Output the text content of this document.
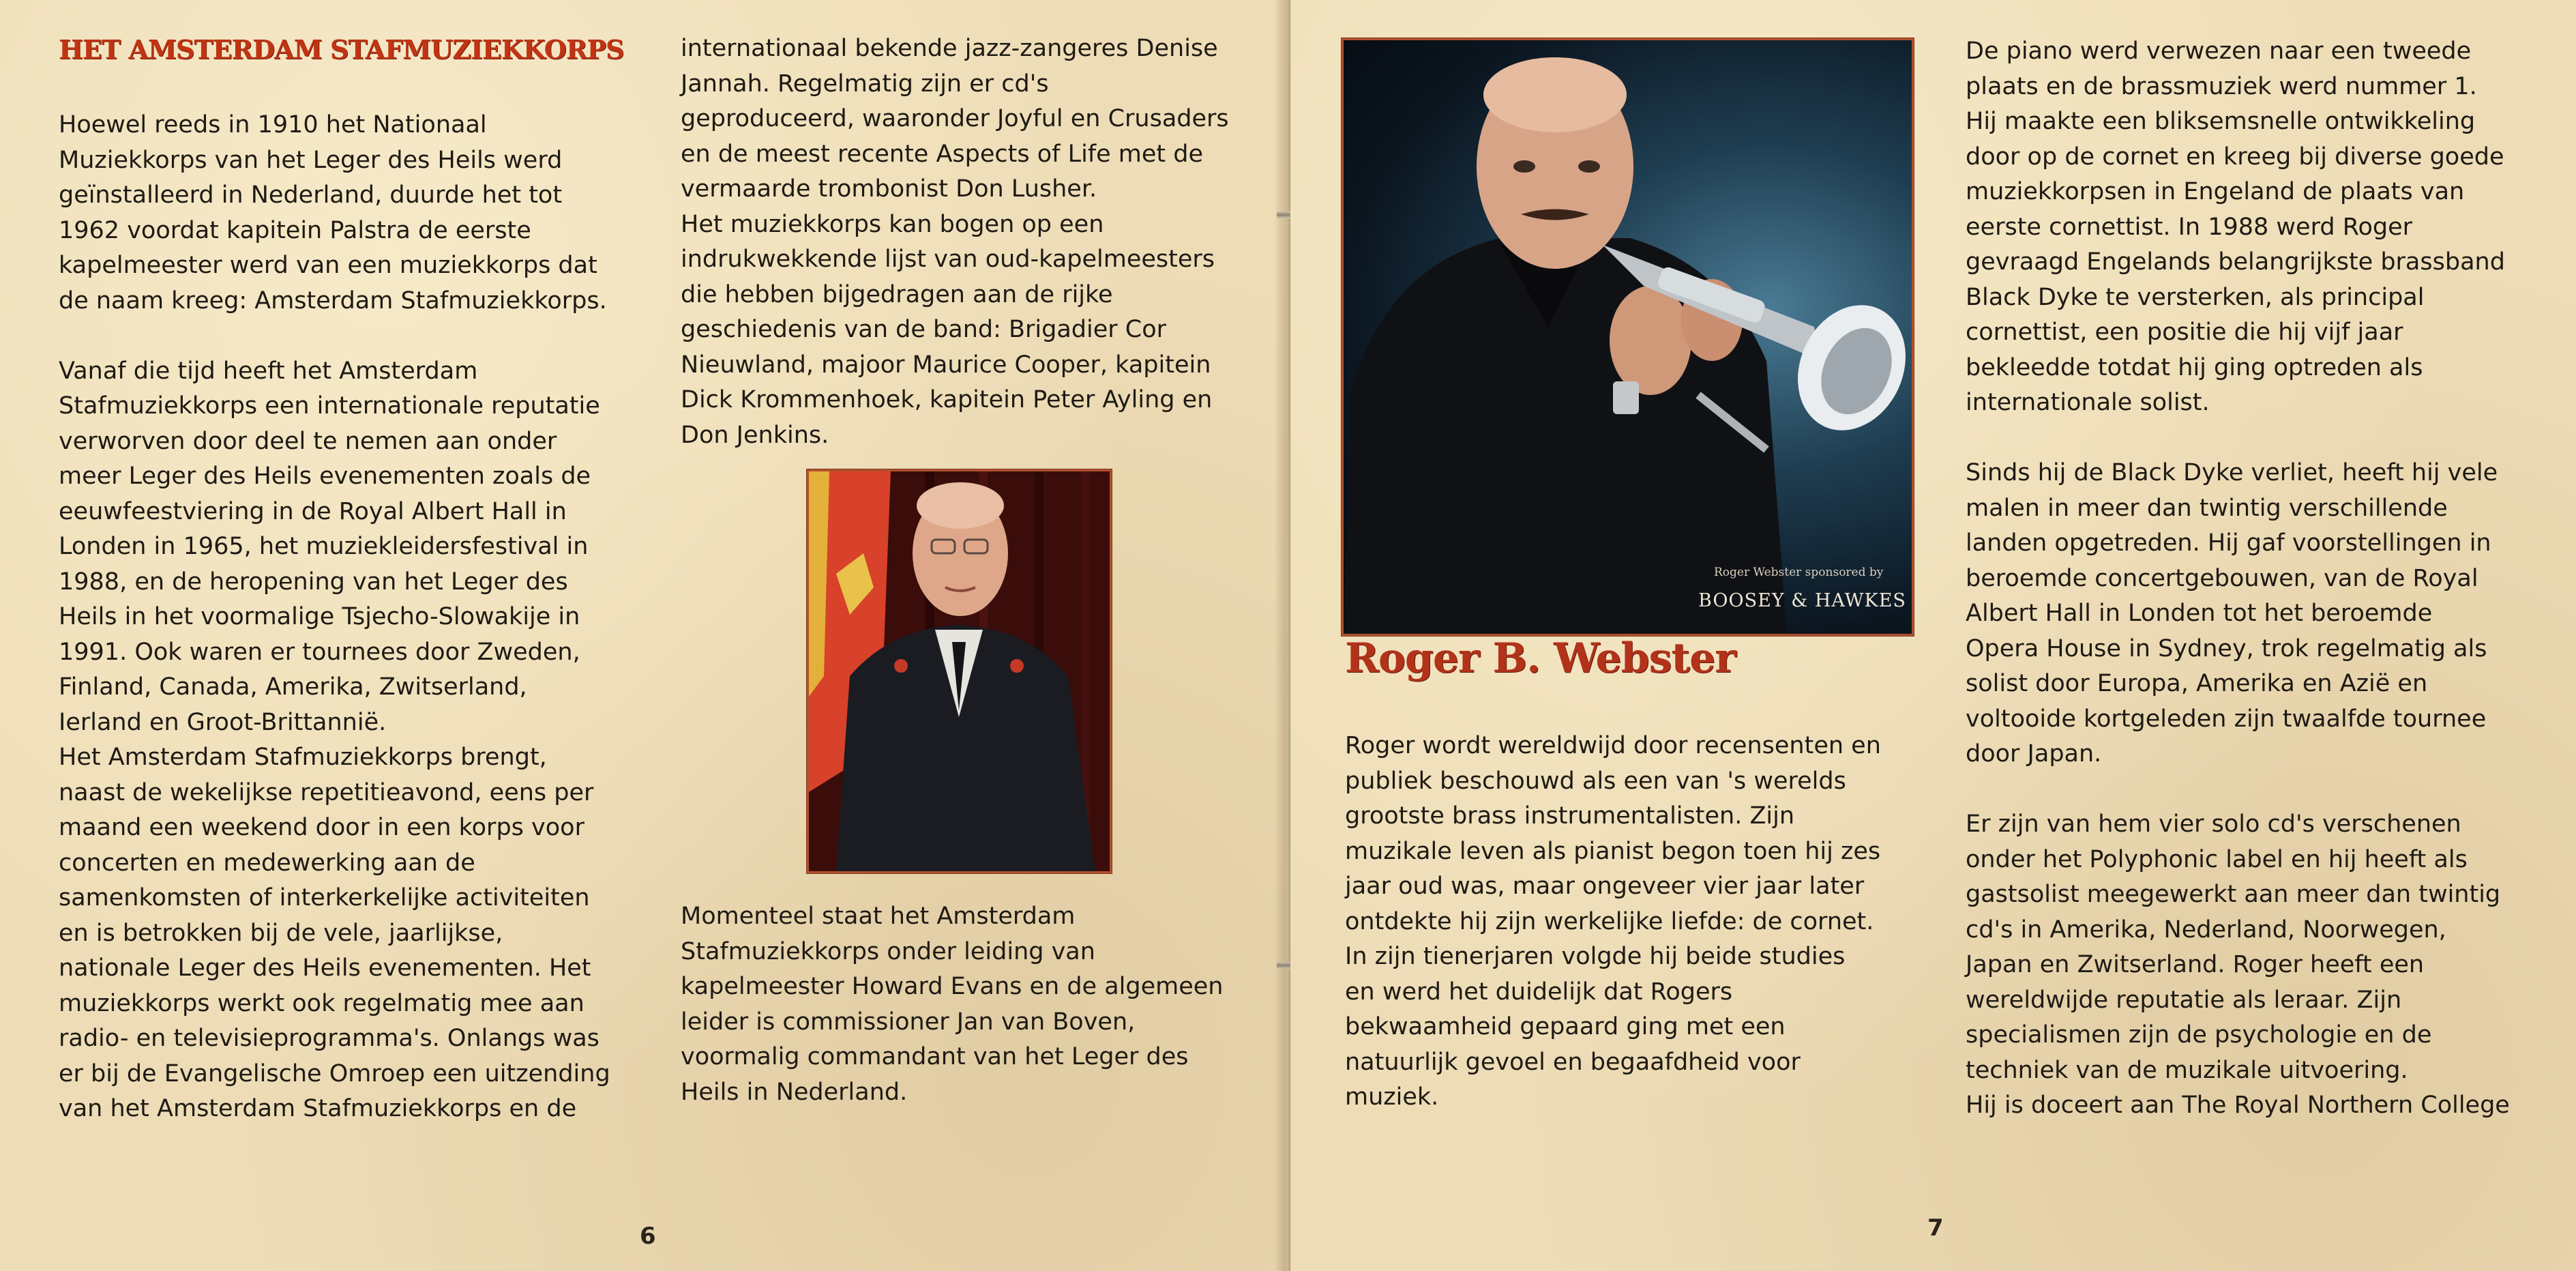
HET AMSTERDAM STAFMUZIEKKORPS
Hoewel reeds in 1910 het Nationaal
Muziekkorps van het Leger des Heils werd
geïnstalleerd in Nederland, duurde het tot
1962 voordat kapitein Palstra de eerste
kapelmeester werd van een muziekkorps dat
de naam kreeg: Amsterdam Stafmuziekkorps.

Vanaf die tijd heeft het Amsterdam
Stafmuziekkorps een internationale reputatie
verworven door deel te nemen aan onder
meer Leger des Heils evenementen zoals de
eeuwfeestviering in de Royal Albert Hall in
Londen in 1965, het muziekleidersfestival in
1988, en de heropening van het Leger des
Heils in het voormalige Tsjecho-Slowakije in
1991. Ook waren er tournees door Zweden,
Finland, Canada, Amerika, Zwitserland,
Ierland en Groot-Brittannië.
Het Amsterdam Stafmuziekkorps brengt,
naast de wekelijkse repetitieavond, eens per
maand een weekend door in een korps voor
concerten en medewerking aan de
samenkomsten of interkerkelijke activiteiten
en is betrokken bij de vele, jaarlijkse,
nationale Leger des Heils evenementen. Het
muziekkorps werkt ook regelmatig mee aan
radio- en televisieprogramma's. Onlangs was
er bij de Evangelische Omroep een uitzending
van het Amsterdam Stafmuziekkorps en de
internationaal bekende jazz-zangeres Denise
Jannah. Regelmatig zijn er cd's
geproduceerd, waaronder Joyful en Crusaders
en de meest recente Aspects of Life met de
vermaarde trombonist Don Lusher.
Het muziekkorps kan bogen op een
indrukwekkende lijst van oud-kapelmeesters
die hebben bijgedragen aan de rijke
geschiedenis van de band: Brigadier Cor
Nieuwland, majoor Maurice Cooper, kapitein
Dick Krommenhoek, kapitein Peter Ayling en
Don Jenkins.
Momenteel staat het Amsterdam
Stafmuziekkorps onder leiding van
kapelmeester Howard Evans en de algemeen
leider is commissioner Jan van Boven,
voormalig commandant van het Leger des
Heils in Nederland.
6
Roger Webster sponsored by
BOOSEY & HAWKES
Roger B. Webster
Roger wordt wereldwijd door recensenten en
publiek beschouwd als een van 's werelds
grootste brass instrumentalisten. Zijn
muzikale leven als pianist begon toen hij zes
jaar oud was, maar ongeveer vier jaar later
ontdekte hij zijn werkelijke liefde: de cornet.
In zijn tienerjaren volgde hij beide studies
en werd het duidelijk dat Rogers
bekwaamheid gepaard ging met een
natuurlijk gevoel en begaafdheid voor
muziek.
De piano werd verwezen naar een tweede
plaats en de brassmuziek werd nummer 1.
Hij maakte een bliksemsnelle ontwikkeling
door op de cornet en kreeg bij diverse goede
muziekkorpsen in Engeland de plaats van
eerste cornettist. In 1988 werd Roger
gevraagd Engelands belangrijkste brassband
Black Dyke te versterken, als principal
cornettist, een positie die hij vijf jaar
bekleedde totdat hij ging optreden als
internationale solist.

Sinds hij de Black Dyke verliet, heeft hij vele
malen in meer dan twintig verschillende
landen opgetreden. Hij gaf voorstellingen in
beroemde concertgebouwen, van de Royal
Albert Hall in Londen tot het beroemde
Opera House in Sydney, trok regelmatig als
solist door Europa, Amerika en Azië en
voltooide kortgeleden zijn twaalfde tournee
door Japan.

Er zijn van hem vier solo cd's verschenen
onder het Polyphonic label en hij heeft als
gastsolist meegewerkt aan meer dan twintig
cd's in Amerika, Nederland, Noorwegen,
Japan en Zwitserland. Roger heeft een
wereldwijde reputatie als leraar. Zijn
specialismen zijn de psychologie en de
techniek van de muzikale uitvoering.
Hij is doceert aan The Royal Northern College
7
